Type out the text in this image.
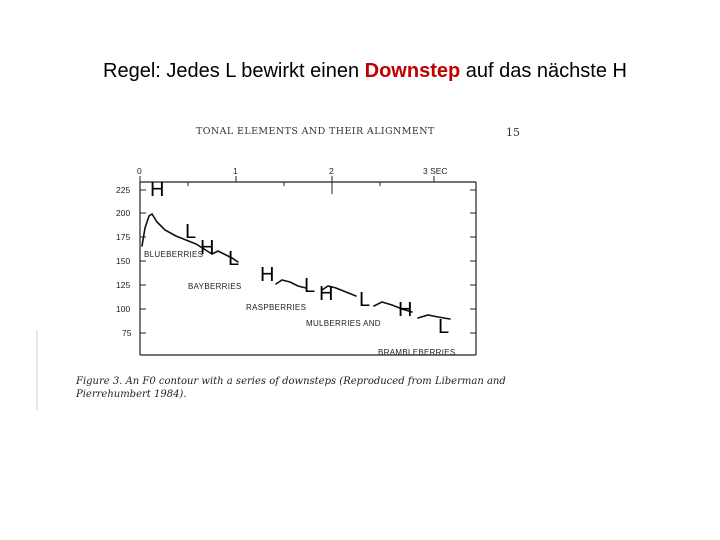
Regel: Jedes L bewirkt einen Downstep auf das nächste H
TONAL ELEMENTS AND THEIR ALIGNMENT	15
0	1	2	3 SEC
225
200
175
150
125
100
75
BLUEBERRIES
BAYBERRIES
RASPBERRIES
MULBERRIES AND
BRAMBLEBERRIES
H
L
H L
H L H L H
L
Figure 3. An F0 contour with a series of downsteps (Reproduced from Liberman and
Pierrehumbert 1984).
